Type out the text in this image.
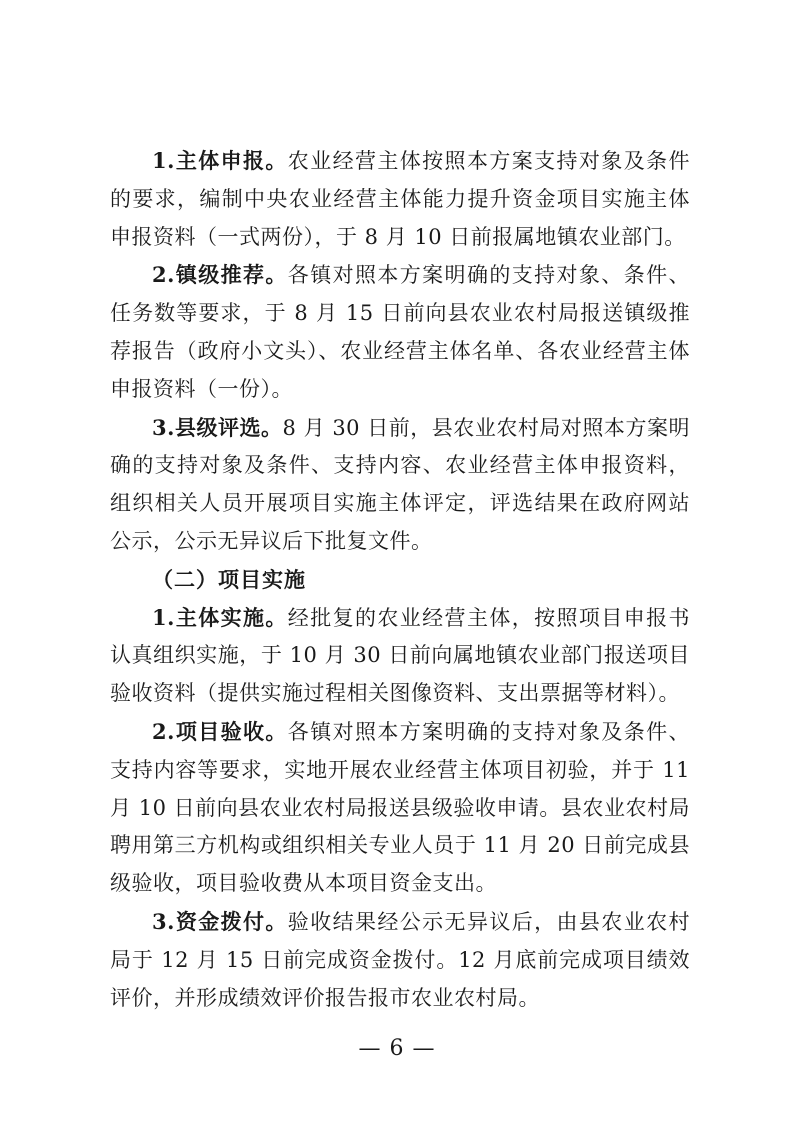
1.主体申报。农业经营主体按照本方案支持对象及条件的要求，编制中央农业经营主体能力提升资金项目实施主体申报资料（一式两份），于 8 月 10 日前报属地镇农业部门。

2.镇级推荐。各镇对照本方案明确的支持对象、条件、任务数等要求，于 8 月 15 日前向县农业农村局报送镇级推荐报告（政府小文头）、农业经营主体名单、各农业经营主体申报资料（一份）。

3.县级评选。8 月 30 日前，县农业农村局对照本方案明确的支持对象及条件、支持内容、农业经营主体申报资料，组织相关人员开展项目实施主体评定，评选结果在政府网站公示，公示无异议后下批复文件。

（二）项目实施

1.主体实施。经批复的农业经营主体，按照项目申报书认真组织实施，于 10 月 30 日前向属地镇农业部门报送项目验收资料（提供实施过程相关图像资料、支出票据等材料）。

2.项目验收。各镇对照本方案明确的支持对象及条件、支持内容等要求，实地开展农业经营主体项目初验，并于 11 月 10 日前向县农业农村局报送县级验收申请。县农业农村局聘用第三方机构或组织相关专业人员于 11 月 20 日前完成县级验收，项目验收费从本项目资金支出。

3.资金拨付。验收结果经公示无异议后，由县农业农村局于 12 月 15 日前完成资金拨付。12 月底前完成项目绩效评价，并形成绩效评价报告报市农业农村局。

— 6 —
